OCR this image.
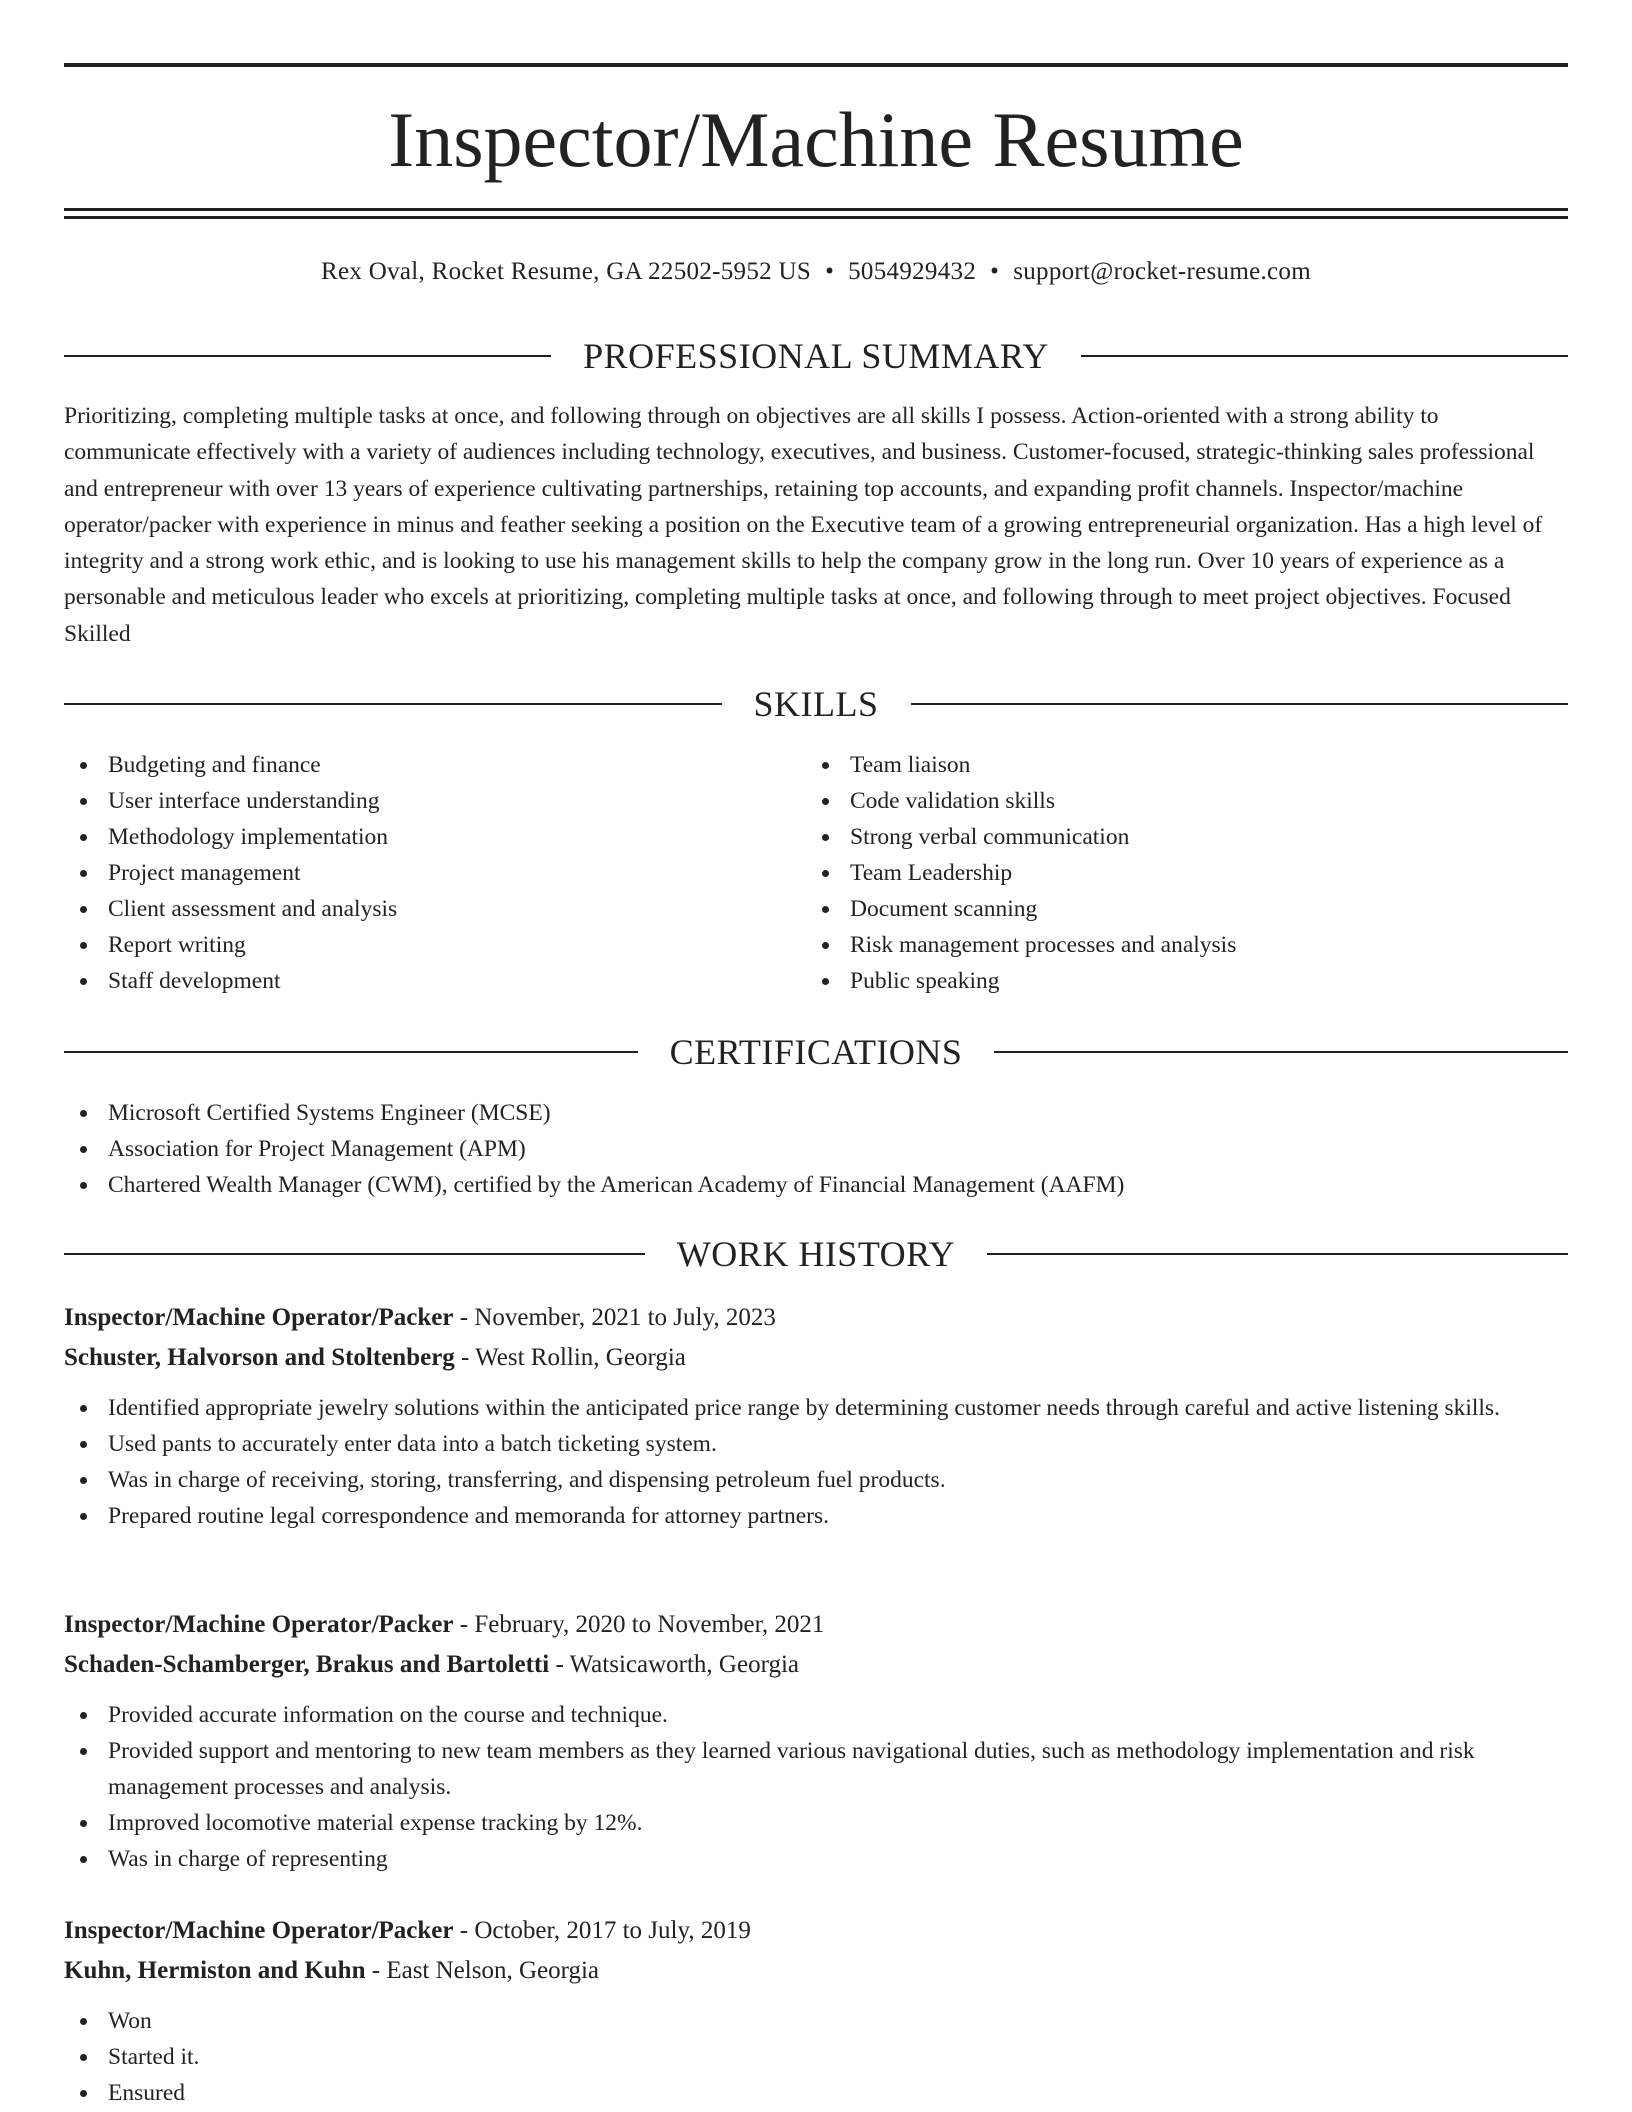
Inspector/Machine Resume
Rex Oval, Rocket Resume, GA 22502-5952 US • 5054929432 • support@rocket-resume.com
PROFESSIONAL SUMMARY

Prioritizing, completing multiple tasks at once, and following through on objectives are all skills I possess. Action-oriented with a strong ability to communicate effectively with a variety of audiences including technology, executives, and business. Customer-focused, strategic-thinking sales professional and entrepreneur with over 13 years of experience cultivating partnerships, retaining top accounts, and expanding profit channels. Inspector/machine operator/packer with experience in minus and feather seeking a position on the Executive team of a growing entrepreneurial organization. Has a high level of integrity and a strong work ethic, and is looking to use his management skills to help the company grow in the long run. Over 10 years of experience as a personable and meticulous leader who excels at prioritizing, completing multiple tasks at once, and following through to meet project objectives. Focused Skilled

SKILLS
Budgeting and finance
User interface understanding
Methodology implementation
Project management
Client assessment and analysis
Report writing
Staff development
Team liaison
Code validation skills
Strong verbal communication
Team Leadership
Document scanning
Risk management processes and analysis
Public speaking
CERTIFICATIONS
Microsoft Certified Systems Engineer (MCSE)
Association for Project Management (APM)
Chartered Wealth Manager (CWM), certified by the American Academy of Financial Management (AAFM)
WORK HISTORY
Inspector/Machine Operator/Packer - November, 2021 to July, 2023
Schuster, Halvorson and Stoltenberg - West Rollin, Georgia
Identified appropriate jewelry solutions within the anticipated price range by determining customer needs through careful and active listening skills.
Used pants to accurately enter data into a batch ticketing system.
Was in charge of receiving, storing, transferring, and dispensing petroleum fuel products.
Prepared routine legal correspondence and memoranda for attorney partners.
Inspector/Machine Operator/Packer - February, 2020 to November, 2021
Schaden-Schamberger, Brakus and Bartoletti - Watsicaworth, Georgia
Provided accurate information on the course and technique.
Provided support and mentoring to new team members as they learned various navigational duties, such as methodology implementation and risk management processes and analysis.
Improved locomotive material expense tracking by 12%.
Was in charge of representing
Inspector/Machine Operator/Packer - October, 2017 to July, 2019
Kuhn, Hermiston and Kuhn - East Nelson, Georgia
Won
Started it.
Ensured
